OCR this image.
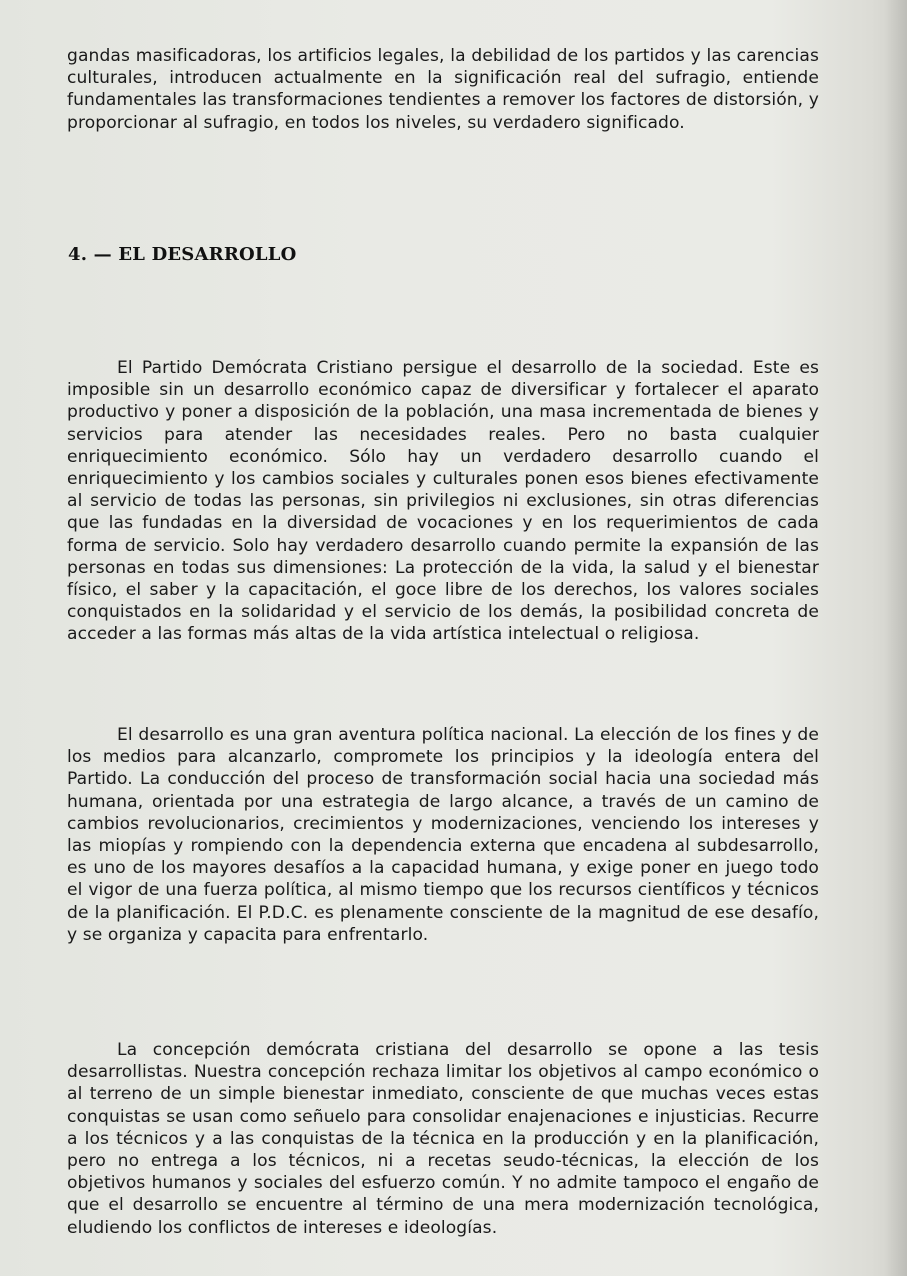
gandas masificadoras, los artificios legales, la debilidad de los partidos y las carencias culturales, introducen actualmente en la significación real del sufragio, entiende fundamentales las transformaciones tendientes a remover los factores de distorsión, y proporcionar al sufragio, en todos los niveles, su verdadero significado.

4. — EL DESARROLLO

El Partido Demócrata Cristiano persigue el desarrollo de la sociedad. Este es imposible sin un desarrollo económico capaz de diversificar y fortalecer el aparato productivo y poner a disposición de la población, una masa incrementada de bienes y servicios para atender las necesidades reales. Pero no basta cualquier enriquecimiento económico. Sólo hay un verdadero desarrollo cuando el enriquecimiento y los cambios sociales y culturales ponen esos bienes efectivamente al servicio de todas las personas, sin privilegios ni exclusiones, sin otras diferencias que las fundadas en la diversidad de vocaciones y en los requerimientos de cada forma de servicio. Solo hay verdadero desarrollo cuando permite la expansión de las personas en todas sus dimensiones: La protección de la vida, la salud y el bienestar físico, el saber y la capacitación, el goce libre de los derechos, los valores sociales conquistados en la solidaridad y el servicio de los demás, la posibilidad concreta de acceder a las formas más altas de la vida artística intelectual o religiosa.

El desarrollo es una gran aventura política nacional. La elección de los fines y de los medios para alcanzarlo, compromete los principios y la ideología entera del Partido. La conducción del proceso de transformación social hacia una sociedad más humana, orientada por una estrategia de largo alcance, a través de un camino de cambios revolucionarios, crecimientos y modernizaciones, venciendo los intereses y las miopías y rompiendo con la dependencia externa que encadena al subdesarrollo, es uno de los mayores desafíos a la capacidad humana, y exige poner en juego todo el vigor de una fuerza política, al mismo tiempo que los recursos científicos y técnicos de la planificación. El P.D.C. es plenamente consciente de la magnitud de ese desafío, y se organiza y capacita para enfrentarlo.

La concepción demócrata cristiana del desarrollo se opone a las tesis desarrollistas. Nuestra concepción rechaza limitar los objetivos al campo económico o al terreno de un simple bienestar inmediato, consciente de que muchas veces estas conquistas se usan como señuelo para consolidar enajenaciones e injusticias. Recurre a los técnicos y a las conquistas de la técnica en la producción y en la planificación, pero no entrega a los técnicos, ni a recetas seudo-técnicas, la elección de los objetivos humanos y sociales del esfuerzo común. Y no admite tampoco el engaño de que el desarrollo se encuentre al término de una mera modernización tecnológica, eludiendo los conflictos de intereses e ideologías.
